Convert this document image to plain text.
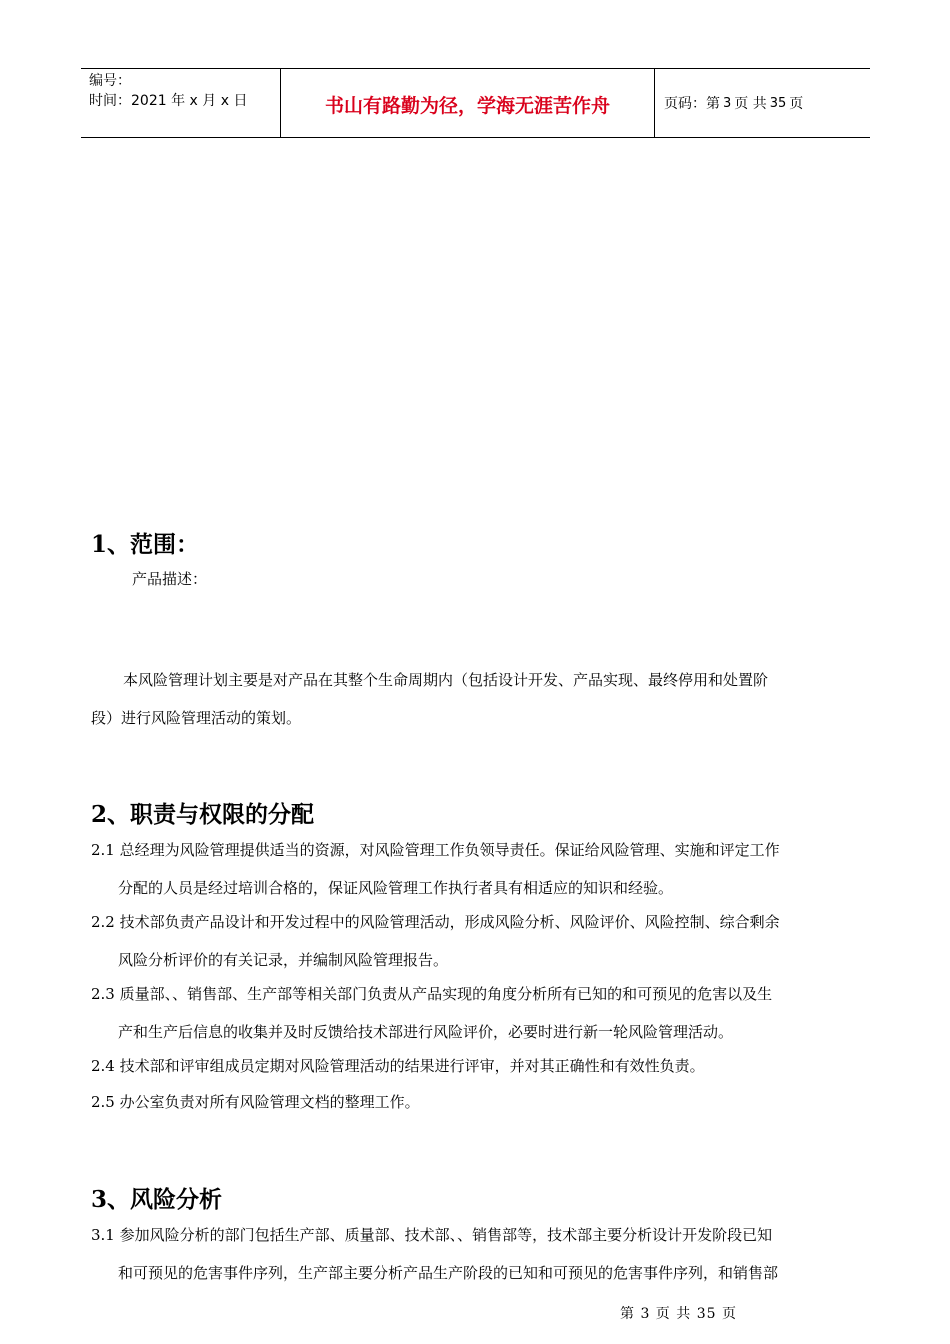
编号：
时间：2021 年 x 月 x 日	书山有路勤为径，学海无涯苦作舟	页码：第 3 页 共 35 页
1、范围：
产品描述：
本风险管理计划主要是对产品在其整个生命周期内（包括设计开发、产品实现、最终停用和处置阶
段）进行风险管理活动的策划。
2、职责与权限的分配
2.1 总经理为风险管理提供适当的资源，对风险管理工作负领导责任。保证给风险管理、实施和评定工作
分配的人员是经过培训合格的，保证风险管理工作执行者具有相适应的知识和经验。
2.2 技术部负责产品设计和开发过程中的风险管理活动，形成风险分析、风险评价、风险控制、综合剩余
风险分析评价的有关记录，并编制风险管理报告。
2.3 质量部、、销售部、生产部等相关部门负责从产品实现的角度分析所有已知的和可预见的危害以及生
产和生产后信息的收集并及时反馈给技术部进行风险评价，必要时进行新一轮风险管理活动。
2.4 技术部和评审组成员定期对风险管理活动的结果进行评审，并对其正确性和有效性负责。
2.5 办公室负责对所有风险管理文档的整理工作。
3、风险分析
3.1 参加风险分析的部门包括生产部、质量部、技术部、、销售部等，技术部主要分析设计开发阶段已知
和可预见的危害事件序列，生产部主要分析产品生产阶段的已知和可预见的危害事件序列，和销售部
第 3 页 共 35 页
